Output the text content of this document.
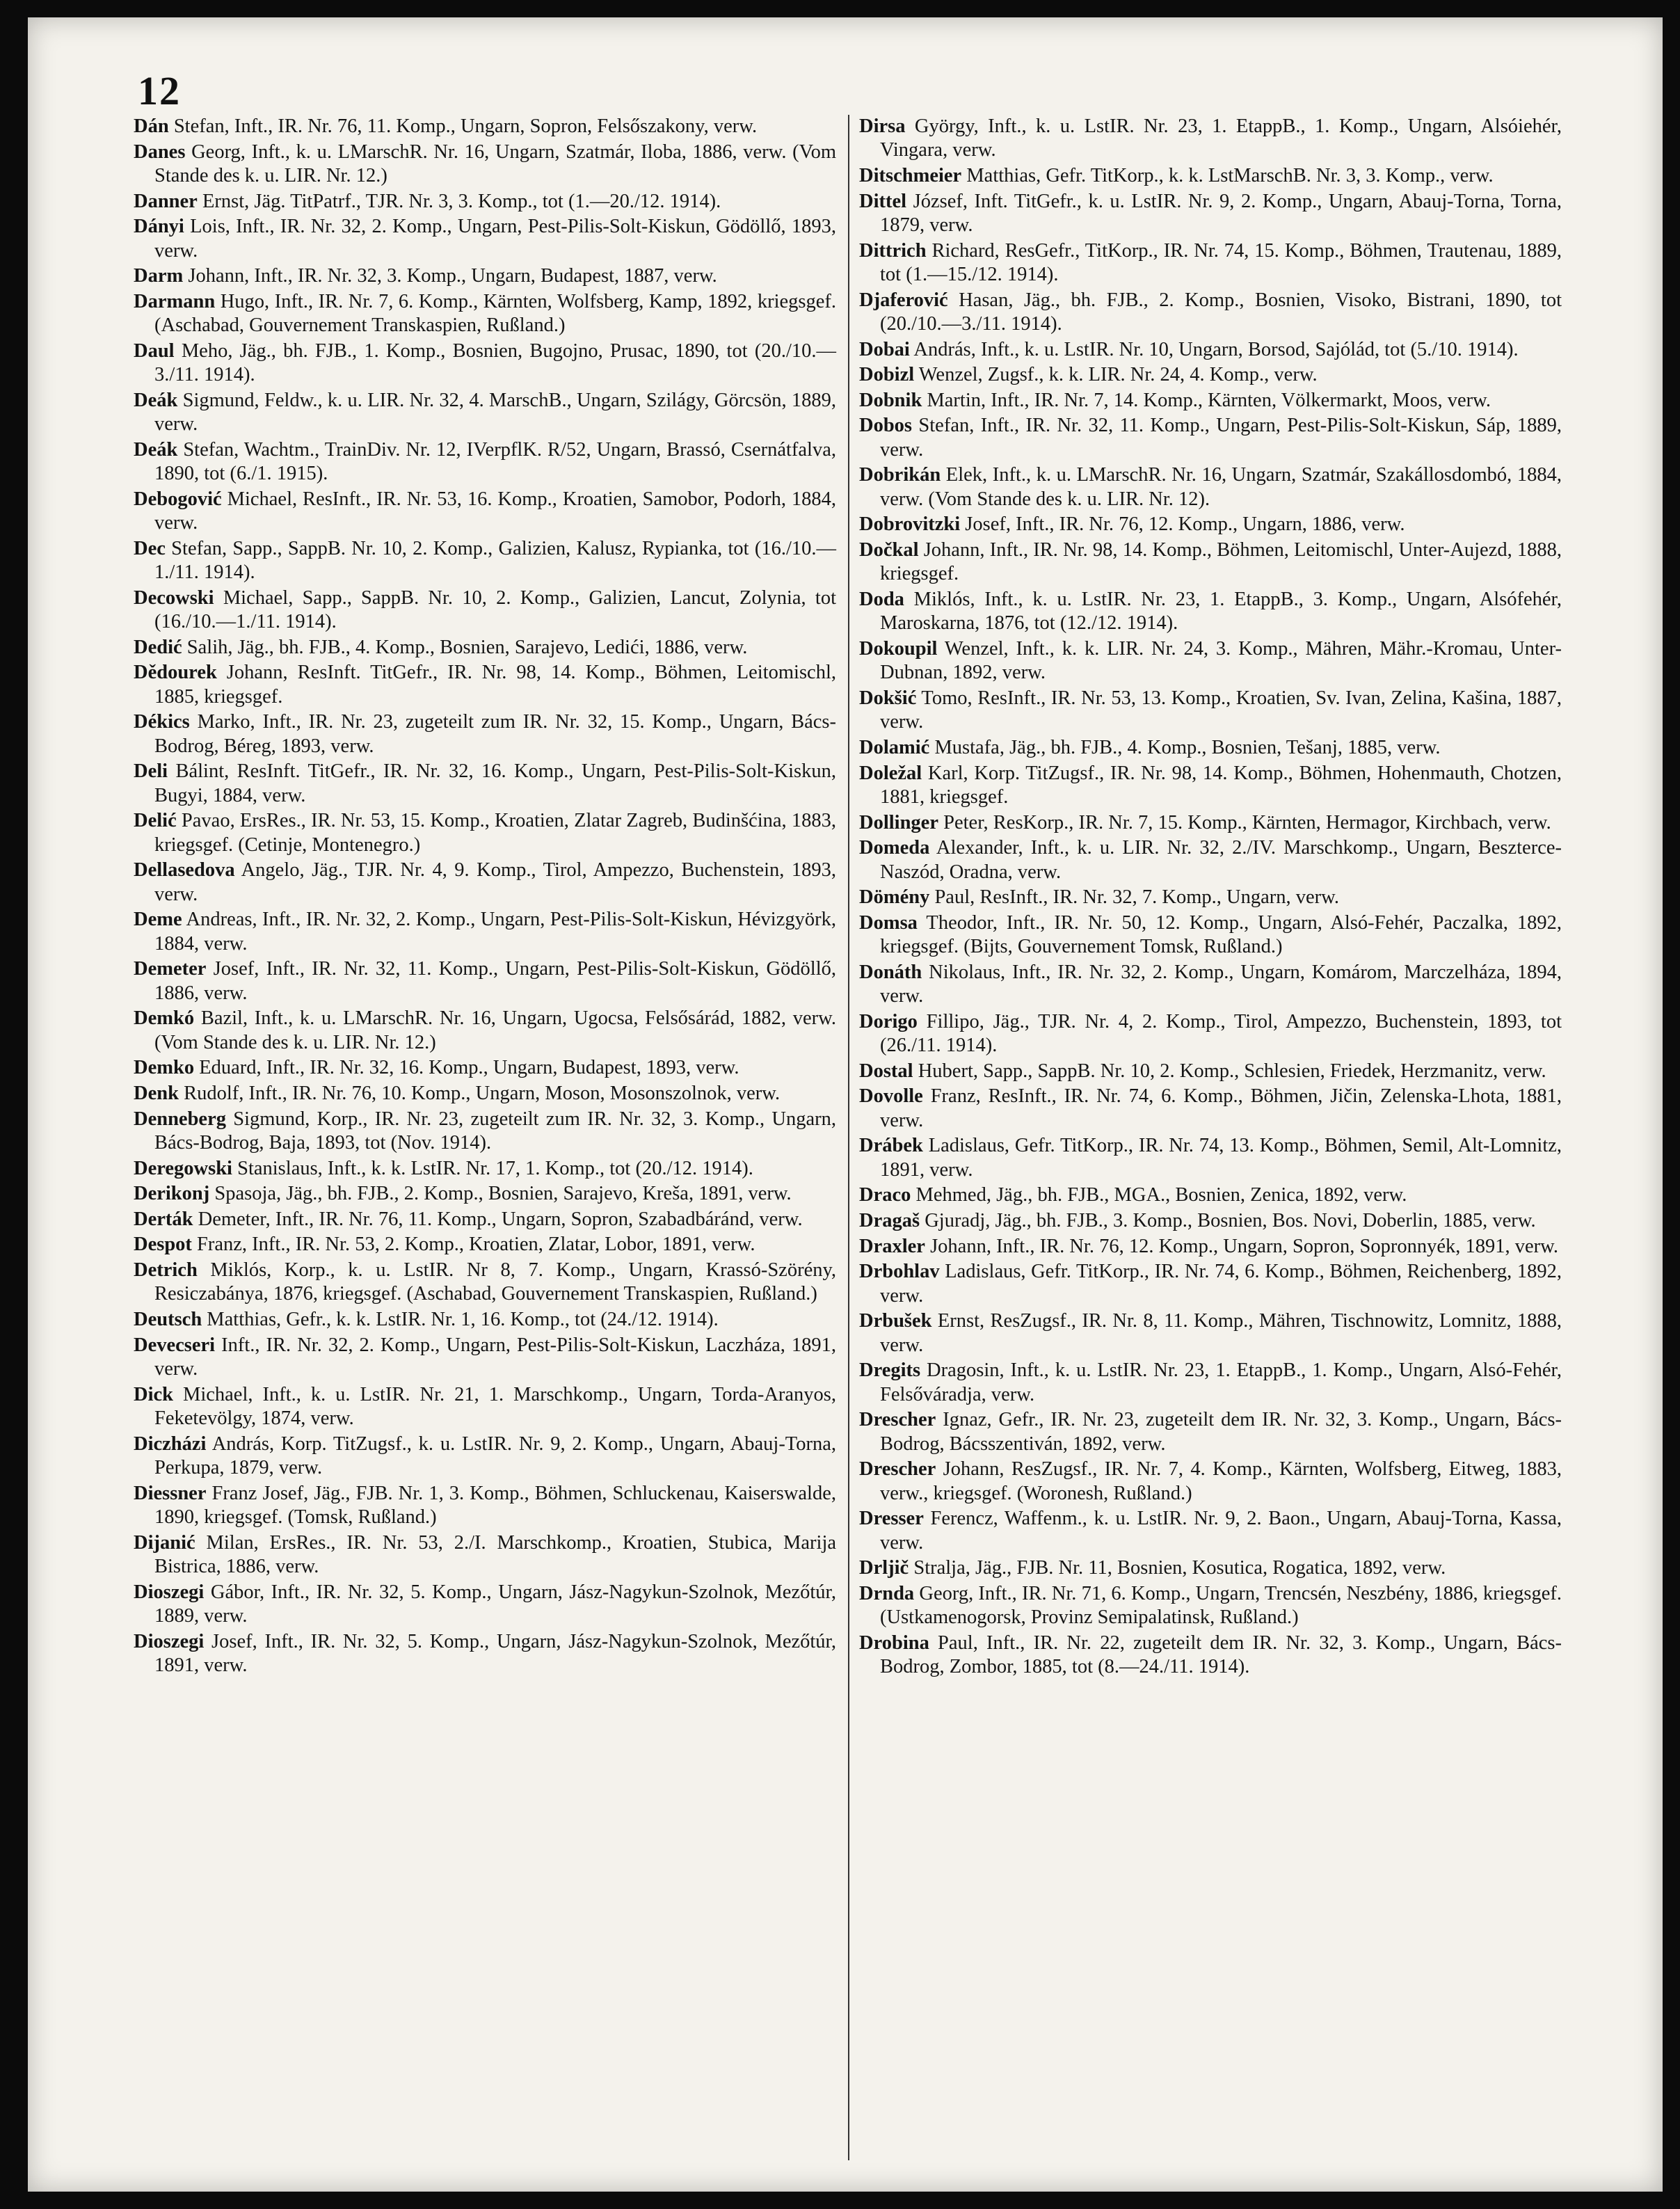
12
Dán Stefan, Inft., IR. Nr. 76, 11. Komp., Ungarn, Sopron, Felsőszakony, verw.
Danes Georg, Inft., k. u. LMarschR. Nr. 16, Ungarn, Szatmár, Iloba, 1886, verw. (Vom Stande des k. u. LIR. Nr. 12.)
Danner Ernst, Jäg. TitPatrf., TJR. Nr. 3, 3. Komp., tot (1.—20./12. 1914).
Dányi Lois, Inft., IR. Nr. 32, 2. Komp., Ungarn, Pest-Pilis-Solt-Kiskun, Gödöllő, 1893, verw.
Darm Johann, Inft., IR. Nr. 32, 3. Komp., Ungarn, Budapest, 1887, verw.
Darmann Hugo, Inft., IR. Nr. 7, 6. Komp., Kärnten, Wolfsberg, Kamp, 1892, kriegsgef. (Aschabad, Gouvernement Transkaspien, Rußland.)
Daul Meho, Jäg., bh. FJB., 1. Komp., Bosnien, Bugojno, Prusac, 1890, tot (20./10.—3./11. 1914).
Deák Sigmund, Feldw., k. u. LIR. Nr. 32, 4. MarschB., Ungarn, Szilágy, Görcsön, 1889, verw.
Deák Stefan, Wachtm., TrainDiv. Nr. 12, IVerpflK. R/52, Ungarn, Brassó, Csernátfalva, 1890, tot (6./1. 1915).
Debogović Michael, ResInft., IR. Nr. 53, 16. Komp., Kroatien, Samobor, Podorh, 1884, verw.
Dec Stefan, Sapp., SappB. Nr. 10, 2. Komp., Galizien, Kalusz, Rypianka, tot (16./10.—1./11. 1914).
Decowski Michael, Sapp., SappB. Nr. 10, 2. Komp., Galizien, Lancut, Zolynia, tot (16./10.—1./11. 1914).
Dedić Salih, Jäg., bh. FJB., 4. Komp., Bosnien, Sarajevo, Ledići, 1886, verw.
Dědourek Johann, ResInft. TitGefr., IR. Nr. 98, 14. Komp., Böhmen, Leitomischl, 1885, kriegsgef.
Dékics Marko, Inft., IR. Nr. 23, zugeteilt zum IR. Nr. 32, 15. Komp., Ungarn, Bács-Bodrog, Béreg, 1893, verw.
Deli Bálint, ResInft. TitGefr., IR. Nr. 32, 16. Komp., Ungarn, Pest-Pilis-Solt-Kiskun, Bugyi, 1884, verw.
Delić Pavao, ErsRes., IR. Nr. 53, 15. Komp., Kroatien, Zlatar Zagreb, Budinšćina, 1883, kriegsgef. (Cetinje, Montenegro.)
Dellasedova Angelo, Jäg., TJR. Nr. 4, 9. Komp., Tirol, Ampezzo, Buchenstein, 1893, verw.
Deme Andreas, Inft., IR. Nr. 32, 2. Komp., Ungarn, Pest-Pilis-Solt-Kiskun, Hévizgyörk, 1884, verw.
Demeter Josef, Inft., IR. Nr. 32, 11. Komp., Ungarn, Pest-Pilis-Solt-Kiskun, Gödöllő, 1886, verw.
Demkó Bazil, Inft., k. u. LMarschR. Nr. 16, Ungarn, Ugocsa, Felsősárád, 1882, verw. (Vom Stande des k. u. LIR. Nr. 12.)
Demko Eduard, Inft., IR. Nr. 32, 16. Komp., Ungarn, Budapest, 1893, verw.
Denk Rudolf, Inft., IR. Nr. 76, 10. Komp., Ungarn, Moson, Mosonszolnok, verw.
Denneberg Sigmund, Korp., IR. Nr. 23, zugeteilt zum IR. Nr. 32, 3. Komp., Ungarn, Bács-Bodrog, Baja, 1893, tot (Nov. 1914).
Deregowski Stanislaus, Inft., k. k. LstIR. Nr. 17, 1. Komp., tot (20./12. 1914).
Derikonj Spasoja, Jäg., bh. FJB., 2. Komp., Bosnien, Sarajevo, Kreša, 1891, verw.
Derták Demeter, Inft., IR. Nr. 76, 11. Komp., Ungarn, Sopron, Szabadbáránd, verw.
Despot Franz, Inft., IR. Nr. 53, 2. Komp., Kroatien, Zlatar, Lobor, 1891, verw.
Detrich Miklós, Korp., k. u. LstIR. Nr 8, 7. Komp., Ungarn, Krassó-Szörény, Resiczabánya, 1876, kriegsgef. (Aschabad, Gouvernement Transkaspien, Rußland.)
Deutsch Matthias, Gefr., k. k. LstIR. Nr. 1, 16. Komp., tot (24./12. 1914).
Devecseri Inft., IR. Nr. 32, 2. Komp., Ungarn, Pest-Pilis-Solt-Kiskun, Laczháza, 1891, verw.
Dick Michael, Inft., k. u. LstIR. Nr. 21, 1. Marschkomp., Ungarn, Torda-Aranyos, Feketevölgy, 1874, verw.
Diczházi András, Korp. TitZugsf., k. u. LstIR. Nr. 9, 2. Komp., Ungarn, Abauj-Torna, Perkupa, 1879, verw.
Diessner Franz Josef, Jäg., FJB. Nr. 1, 3. Komp., Böhmen, Schluckenau, Kaiserswalde, 1890, kriegsgef. (Tomsk, Rußland.)
Dijanić Milan, ErsRes., IR. Nr. 53, 2./I. Marschkomp., Kroatien, Stubica, Marija Bistrica, 1886, verw.
Dioszegi Gábor, Inft., IR. Nr. 32, 5. Komp., Ungarn, Jász-Nagykun-Szolnok, Mezőtúr, 1889, verw.
Dioszegi Josef, Inft., IR. Nr. 32, 5. Komp., Ungarn, Jász-Nagykun-Szolnok, Mezőtúr, 1891, verw.
Dirsa György, Inft., k. u. LstIR. Nr. 23, 1. EtappB., 1. Komp., Ungarn, Alsóiehér, Vingara, verw.
Ditschmeier Matthias, Gefr. TitKorp., k. k. LstMarschB. Nr. 3, 3. Komp., verw.
Dittel József, Inft. TitGefr., k. u. LstIR. Nr. 9, 2. Komp., Ungarn, Abauj-Torna, Torna, 1879, verw.
Dittrich Richard, ResGefr., TitKorp., IR. Nr. 74, 15. Komp., Böhmen, Trautenau, 1889, tot (1.—15./12. 1914).
Djaferović Hasan, Jäg., bh. FJB., 2. Komp., Bosnien, Visoko, Bistrani, 1890, tot (20./10.—3./11. 1914).
Dobai András, Inft., k. u. LstIR. Nr. 10, Ungarn, Borsod, Sajólád, tot (5./10. 1914).
Dobizl Wenzel, Zugsf., k. k. LIR. Nr. 24, 4. Komp., verw.
Dobnik Martin, Inft., IR. Nr. 7, 14. Komp., Kärnten, Völkermarkt, Moos, verw.
Dobos Stefan, Inft., IR. Nr. 32, 11. Komp., Ungarn, Pest-Pilis-Solt-Kiskun, Sáp, 1889, verw.
Dobrikán Elek, Inft., k. u. LMarschR. Nr. 16, Ungarn, Szatmár, Szakállosdombó, 1884, verw. (Vom Stande des k. u. LIR. Nr. 12).
Dobrovitzki Josef, Inft., IR. Nr. 76, 12. Komp., Ungarn, 1886, verw.
Dočkal Johann, Inft., IR. Nr. 98, 14. Komp., Böhmen, Leitomischl, Unter-Aujezd, 1888, kriegsgef.
Doda Miklós, Inft., k. u. LstIR. Nr. 23, 1. EtappB., 3. Komp., Ungarn, Alsófehér, Maroskarna, 1876, tot (12./12. 1914).
Dokoupil Wenzel, Inft., k. k. LIR. Nr. 24, 3. Komp., Mähren, Mähr.-Kromau, Unter-Dubnan, 1892, verw.
Dokšić Tomo, ResInft., IR. Nr. 53, 13. Komp., Kroatien, Sv. Ivan, Zelina, Kašina, 1887, verw.
Dolamić Mustafa, Jäg., bh. FJB., 4. Komp., Bosnien, Tešanj, 1885, verw.
Doležal Karl, Korp. TitZugsf., IR. Nr. 98, 14. Komp., Böhmen, Hohenmauth, Chotzen, 1881, kriegsgef.
Dollinger Peter, ResKorp., IR. Nr. 7, 15. Komp., Kärnten, Hermagor, Kirchbach, verw.
Domeda Alexander, Inft., k. u. LIR. Nr. 32, 2./IV. Marschkomp., Ungarn, Beszterce-Naszód, Oradna, verw.
Dömény Paul, ResInft., IR. Nr. 32, 7. Komp., Ungarn, verw.
Domsa Theodor, Inft., IR. Nr. 50, 12. Komp., Ungarn, Alsó-Fehér, Paczalka, 1892, kriegsgef. (Bijts, Gouvernement Tomsk, Rußland.)
Donáth Nikolaus, Inft., IR. Nr. 32, 2. Komp., Ungarn, Komárom, Marczelháza, 1894, verw.
Dorigo Fillipo, Jäg., TJR. Nr. 4, 2. Komp., Tirol, Ampezzo, Buchenstein, 1893, tot (26./11. 1914).
Dostal Hubert, Sapp., SappB. Nr. 10, 2. Komp., Schlesien, Friedek, Herzmanitz, verw.
Dovolle Franz, ResInft., IR. Nr. 74, 6. Komp., Böhmen, Jičin, Zelenska-Lhota, 1881, verw.
Drábek Ladislaus, Gefr. TitKorp., IR. Nr. 74, 13. Komp., Böhmen, Semil, Alt-Lomnitz, 1891, verw.
Draco Mehmed, Jäg., bh. FJB., MGA., Bosnien, Zenica, 1892, verw.
Dragaš Gjuradj, Jäg., bh. FJB., 3. Komp., Bosnien, Bos. Novi, Doberlin, 1885, verw.
Draxler Johann, Inft., IR. Nr. 76, 12. Komp., Ungarn, Sopron, Sopronnyék, 1891, verw.
Drbohlav Ladislaus, Gefr. TitKorp., IR. Nr. 74, 6. Komp., Böhmen, Reichenberg, 1892, verw.
Drbušek Ernst, ResZugsf., IR. Nr. 8, 11. Komp., Mähren, Tischnowitz, Lomnitz, 1888, verw.
Dregits Dragosin, Inft., k. u. LstIR. Nr. 23, 1. EtappB., 1. Komp., Ungarn, Alsó-Fehér, Felsőváradja, verw.
Drescher Ignaz, Gefr., IR. Nr. 23, zugeteilt dem IR. Nr. 32, 3. Komp., Ungarn, Bács-Bodrog, Bácsszentiván, 1892, verw.
Drescher Johann, ResZugsf., IR. Nr. 7, 4. Komp., Kärnten, Wolfsberg, Eitweg, 1883, verw., kriegsgef. (Woronesh, Rußland.)
Dresser Ferencz, Waffenm., k. u. LstIR. Nr. 9, 2. Baon., Ungarn, Abauj-Torna, Kassa, verw.
Drljič Stralja, Jäg., FJB. Nr. 11, Bosnien, Kosutica, Rogatica, 1892, verw.
Drnda Georg, Inft., IR. Nr. 71, 6. Komp., Ungarn, Trencsén, Neszbény, 1886, kriegsgef. (Ustkamenogorsk, Provinz Semipalatinsk, Rußland.)
Drobina Paul, Inft., IR. Nr. 22, zugeteilt dem IR. Nr. 32, 3. Komp., Ungarn, Bács-Bodrog, Zombor, 1885, tot (8.—24./11. 1914).
